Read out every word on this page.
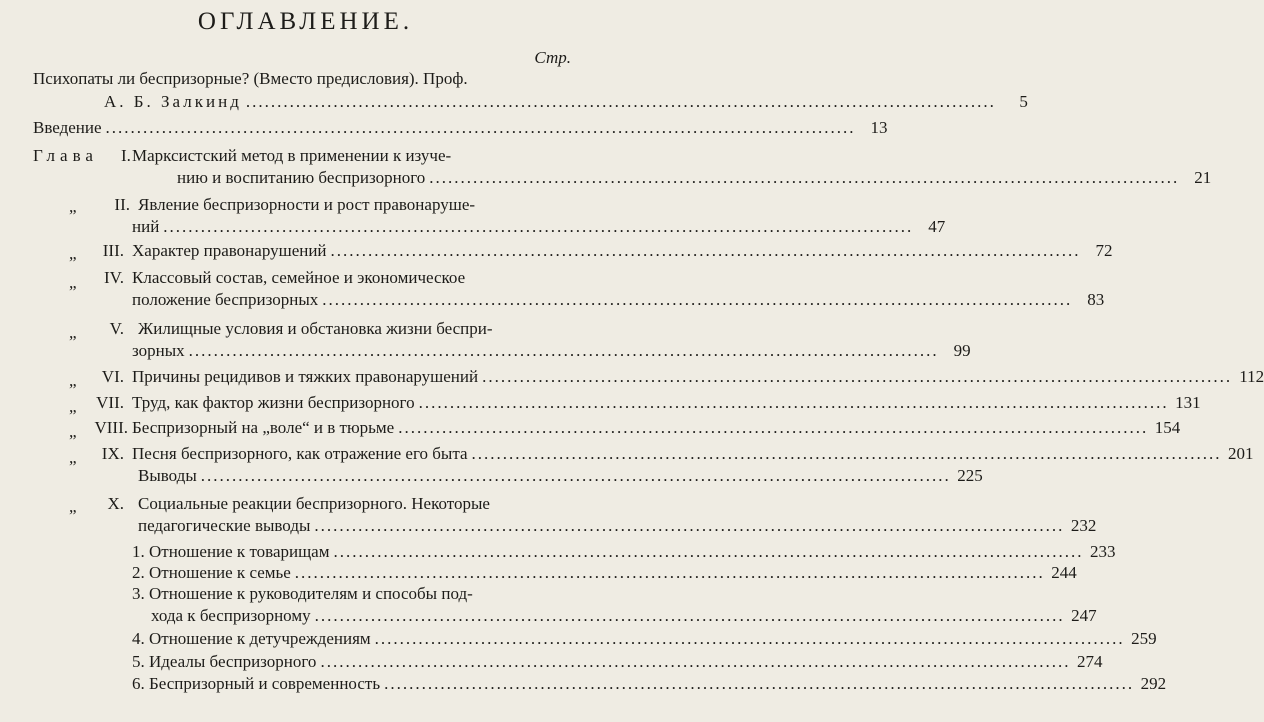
ОГЛАВЛЕНИЕ.
Стр.
Психопаты ли беспризорные? (Вместо предисловия). Проф.
А. Б. Залкинд ........................................................................................................................	5
Введение ........................................................................................................................ 13
Глава I. Марксистский метод в применении к изуче-
нию и воспитанию беспризорного ........................................................................................................................ 21
„	II. Явление беспризорности и рост правонаруше-
ний ........................................................................................................................ 47
„	III. Характер правонарушений ........................................................................................................................ 72
„	IV. Классовый состав, семейное и экономическое
положение беспризорных ........................................................................................................................ 83
„	V. Жилищные условия и обстановка жизни беспри-
зорных ........................................................................................................................ 99
„	VI. Причины рецидивов и тяжких правонарушений ........................................................................................................................ 112
„	VII. Труд, как фактор жизни беспризорного ........................................................................................................................ 131
„	VIII. Беспризорный на „воле“ и в тюрьме ........................................................................................................................ 154
„	IX. Песня беспризорного, как отражение его быта ........................................................................................................................ 201
Выводы ........................................................................................................................ 225
„	X. Социальные реакции беспризорного. Некоторые
педагогические выводы ........................................................................................................................ 232
1. Отношение к товарищам ........................................................................................................................ 233
2. Отношение к семье ........................................................................................................................ 244
3. Отношение к руководителям и способы под-
хода к беспризорному ........................................................................................................................ 247
4. Отношение к детучреждениям ........................................................................................................................ 259
5. Идеалы беспризорного ........................................................................................................................ 274
6. Беспризорный и современность ........................................................................................................................ 292
